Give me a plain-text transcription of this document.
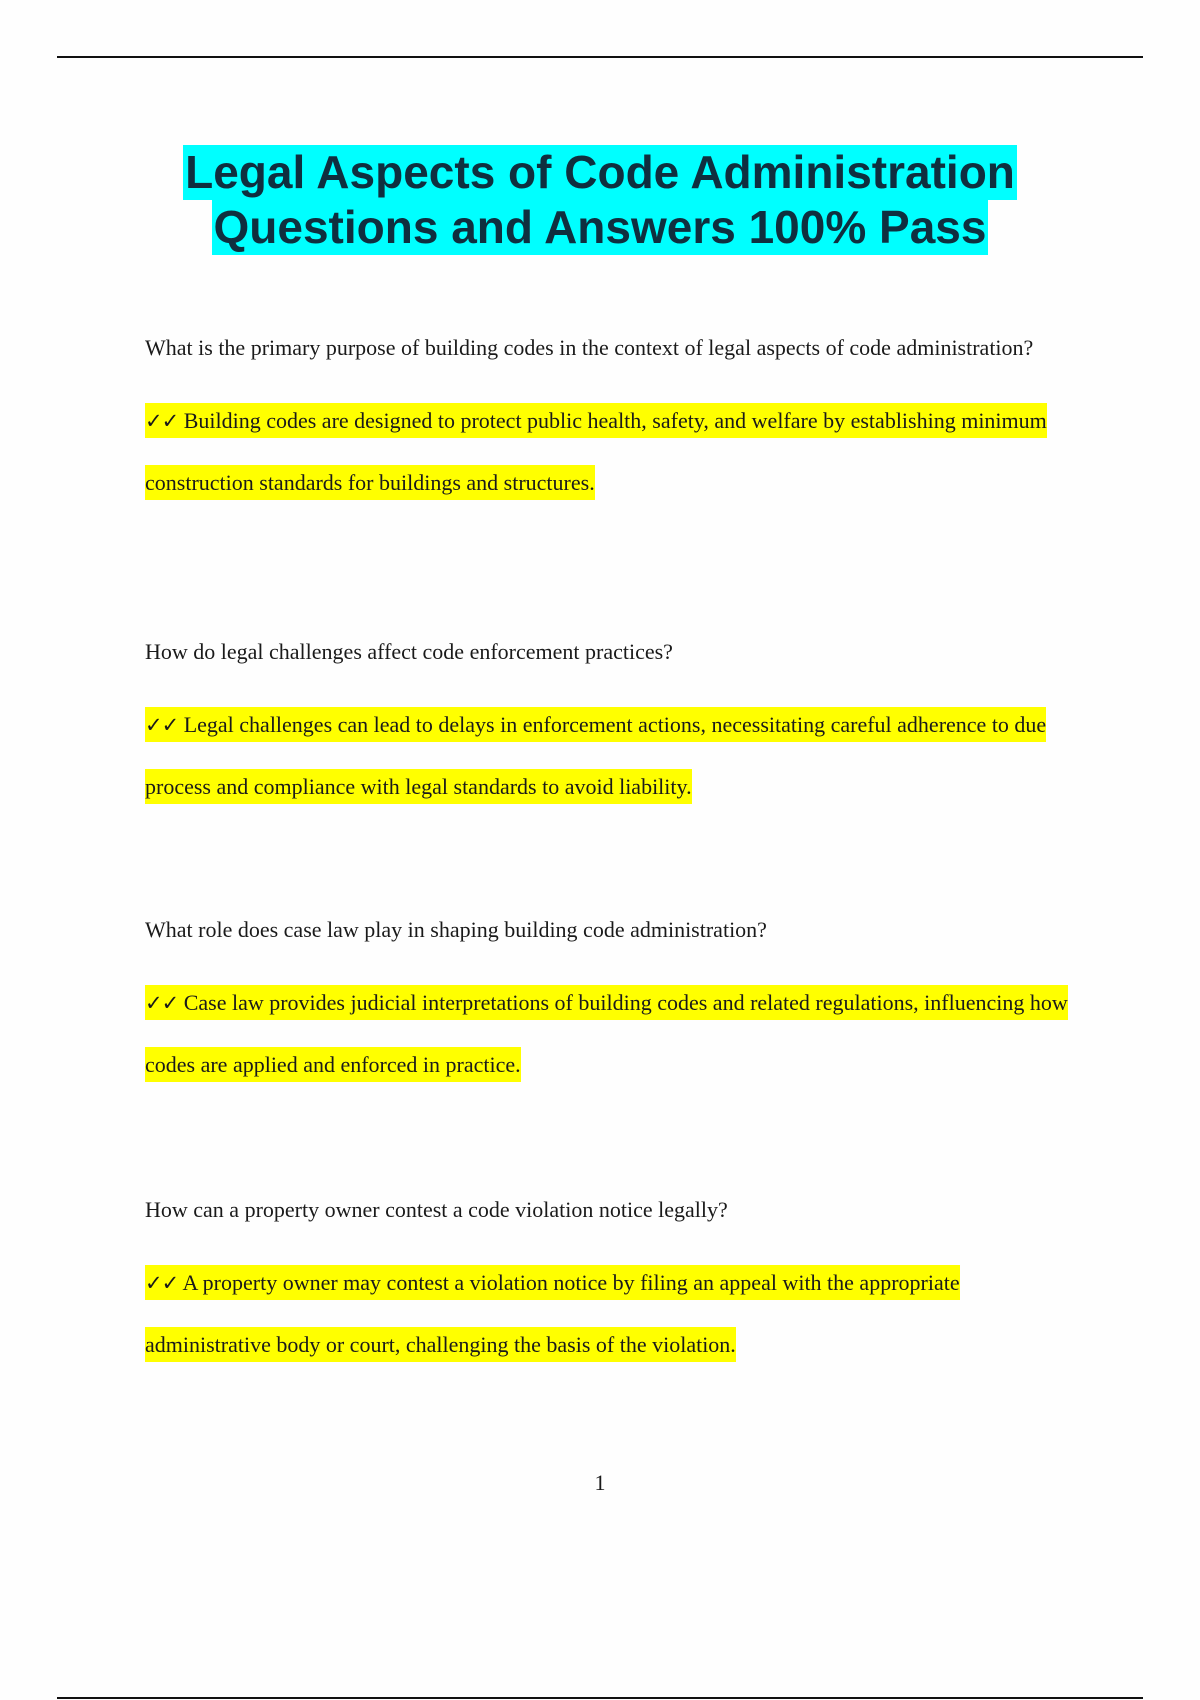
Legal Aspects of Code Administration
Questions and Answers 100% Pass

What is the primary purpose of building codes in the context of legal aspects of code administration?

✓✓ Building codes are designed to protect public health, safety, and welfare by establishing minimum construction standards for buildings and structures.

How do legal challenges affect code enforcement practices?

✓✓ Legal challenges can lead to delays in enforcement actions, necessitating careful adherence to due process and compliance with legal standards to avoid liability.

What role does case law play in shaping building code administration?

✓✓ Case law provides judicial interpretations of building codes and related regulations, influencing how codes are applied and enforced in practice.

How can a property owner contest a code violation notice legally?

✓✓ A property owner may contest a violation notice by filing an appeal with the appropriate administrative body or court, challenging the basis of the violation.

1
